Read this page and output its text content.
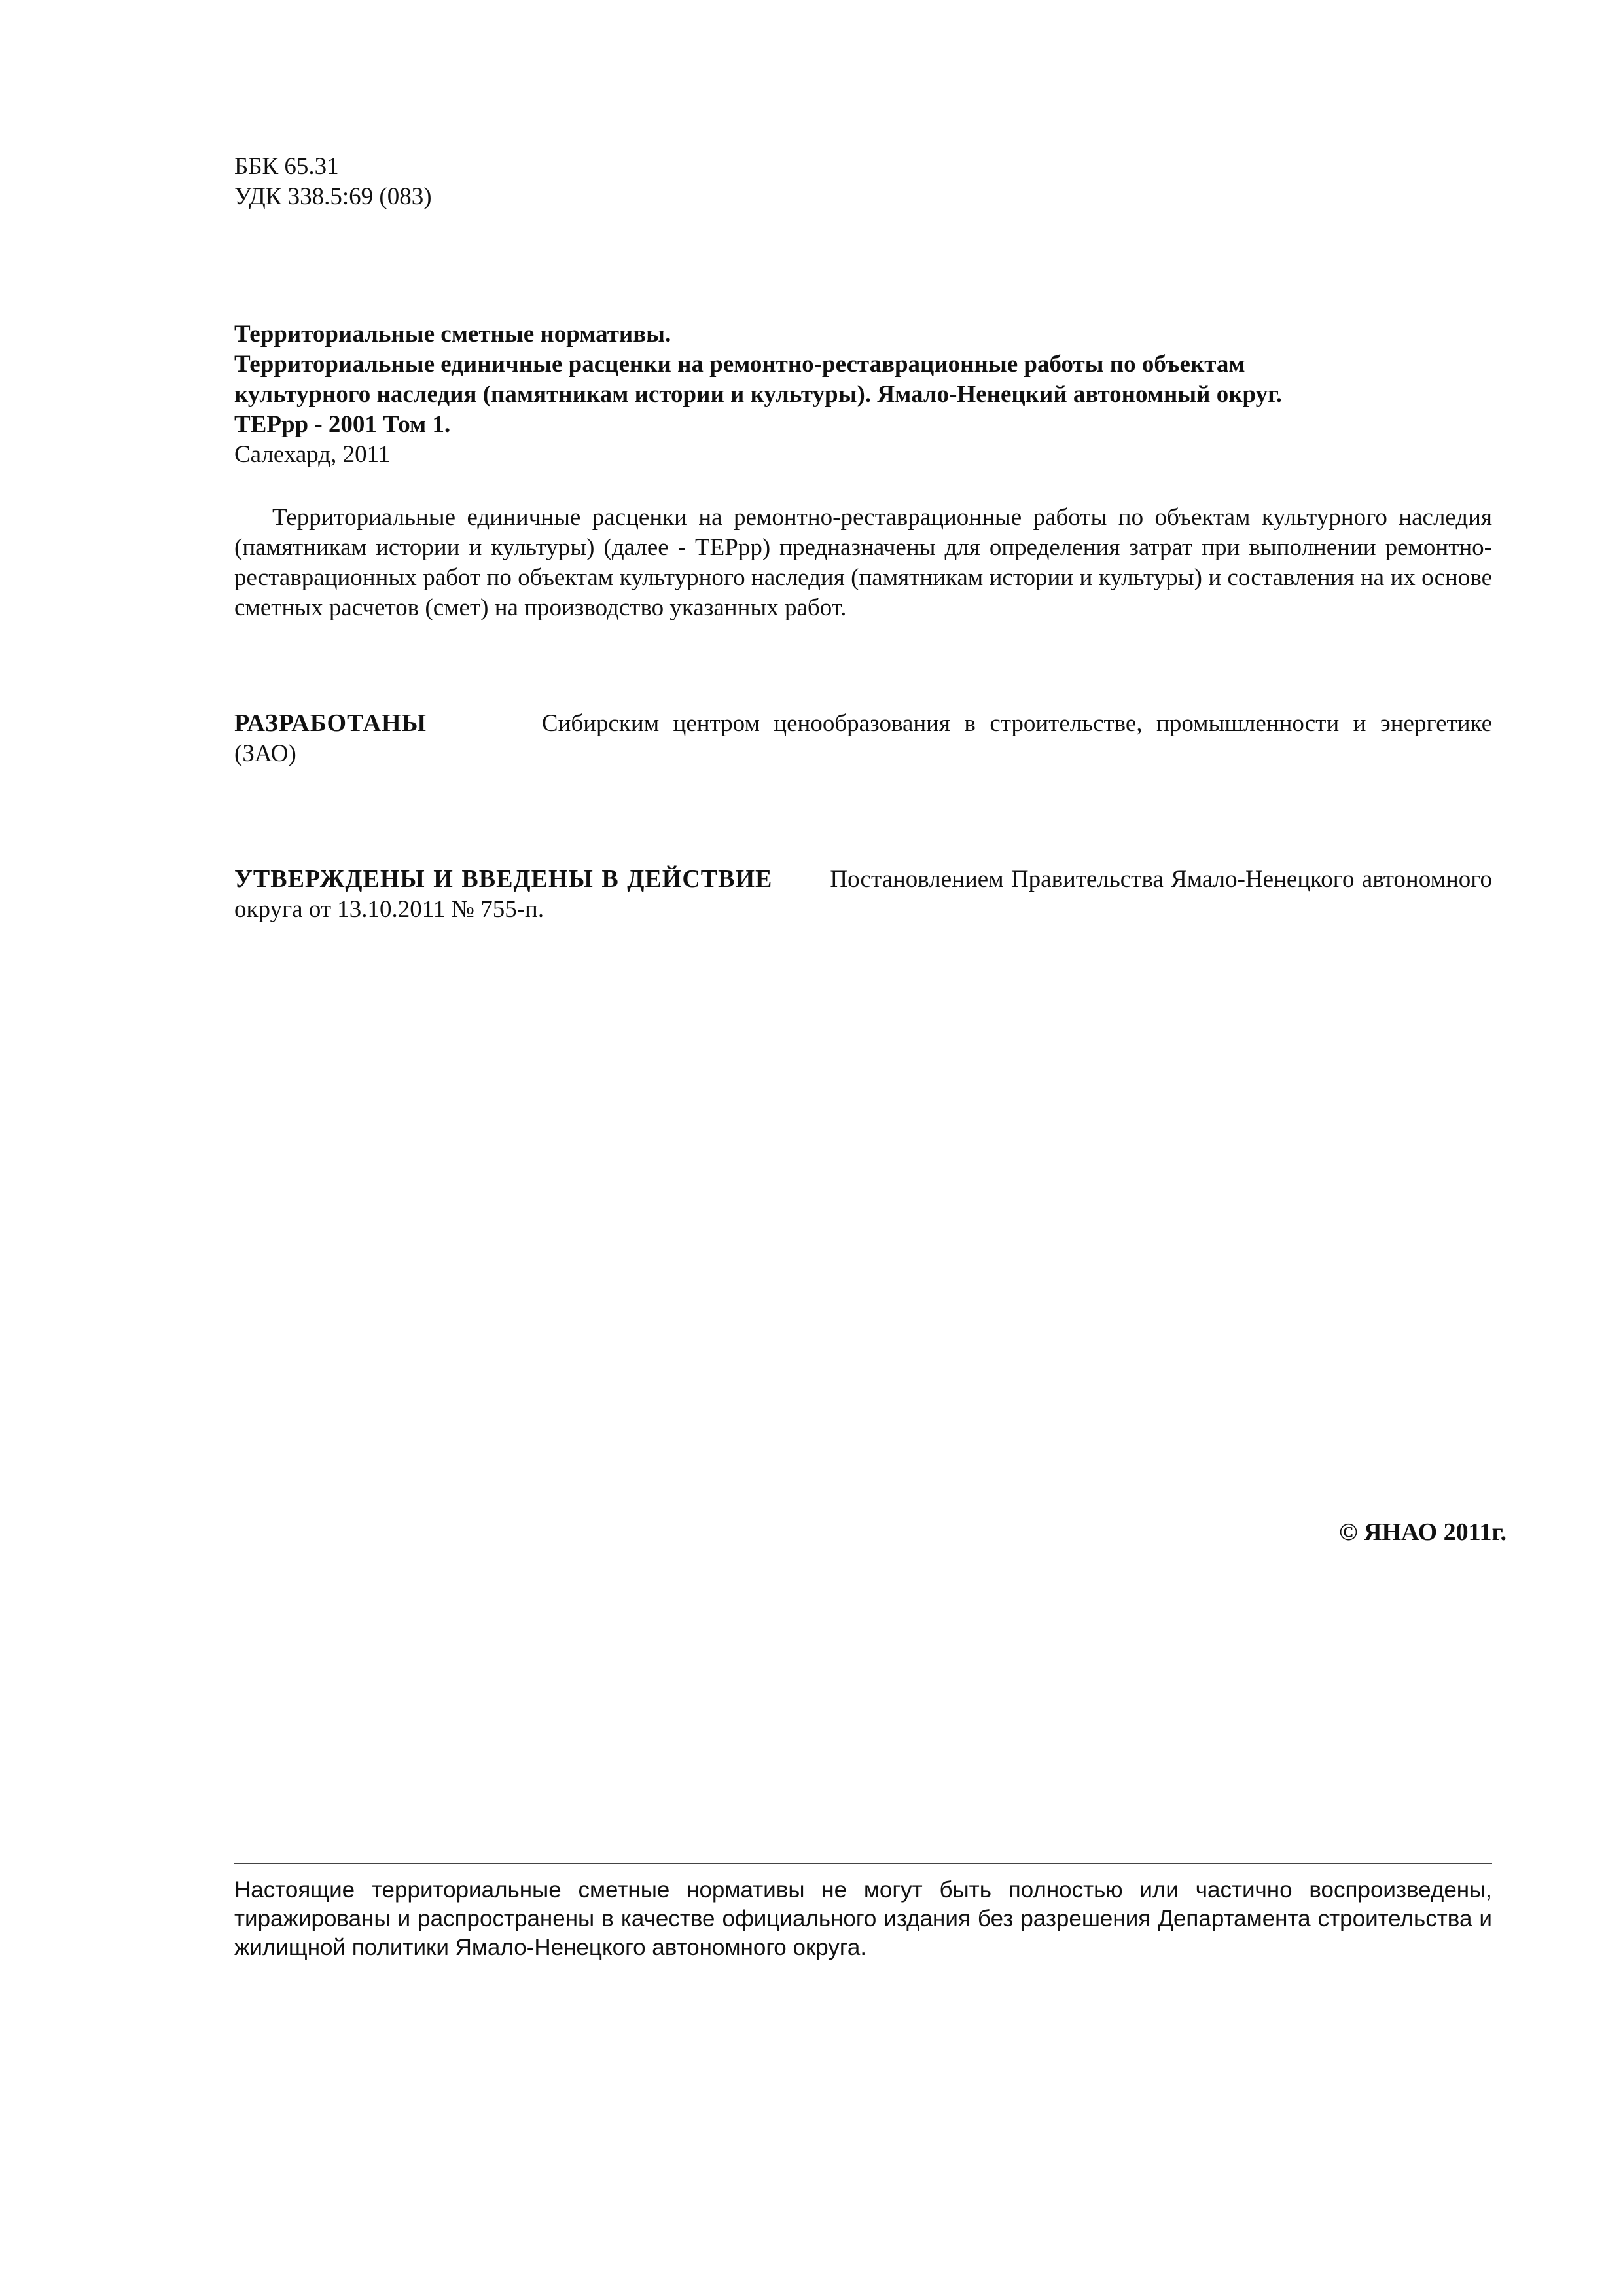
ББК 65.31
УДК 338.5:69 (083)
Территориальные сметные нормативы.
Территориальные единичные расценки на ремонтно-реставрационные работы по объектам
культурного наследия (памятникам истории и культуры). Ямало-Ненецкий автономный округ.
ТЕРрр - 2001 Том 1.
Салехард, 2011
Территориальные единичные расценки на ремонтно-реставрационные работы по объектам культурного наследия (памятникам истории и культуры) (далее - ТЕРрр) предназначены для определения затрат при выполнении ремонтно-реставрационных работ по объектам культурного наследия (памятникам истории и культуры) и составления на их основе сметных расчетов (смет) на производство указанных работ.
РАЗРАБОТАНЫ	Сибирским центром ценообразования в строительстве, промышленности и энергетике (ЗАО)
УТВЕРЖДЕНЫ И ВВЕДЕНЫ В ДЕЙСТВИЕ Постановлением Правительства Ямало-Ненецкого автономного округа от 13.10.2011 № 755-п.
© ЯНАО 2011г.
Настоящие территориальные сметные нормативы не могут быть полностью или частично воспроизведены, тиражированы и распространены в качестве официального издания без разрешения Департамента строительства и жилищной политики Ямало-Ненецкого автономного округа.
